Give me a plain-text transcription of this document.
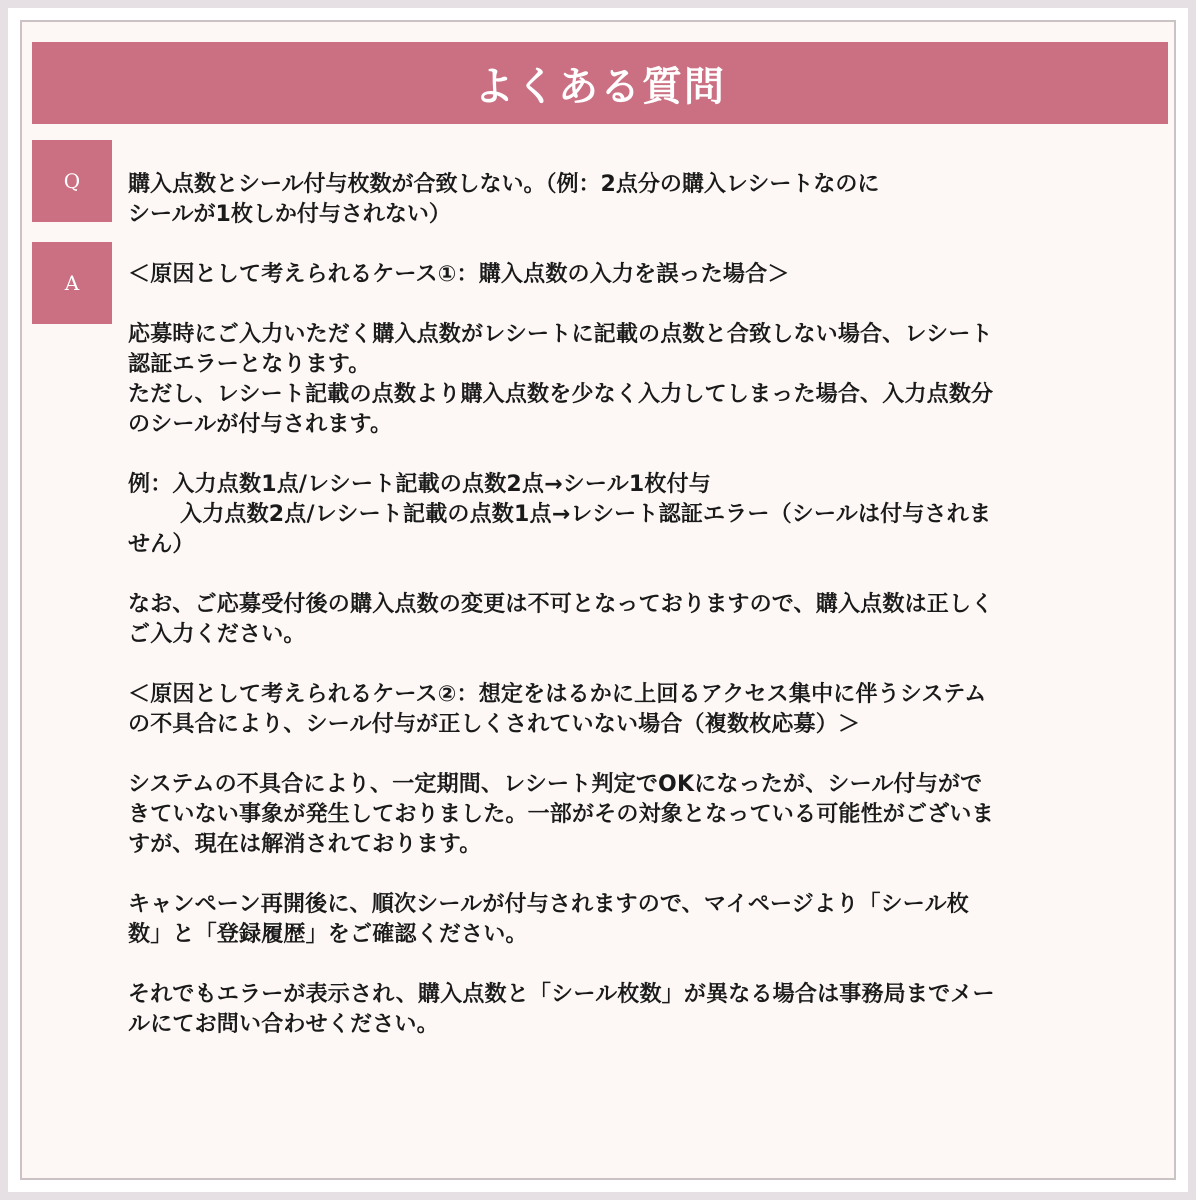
よくある質問
Q	購入点数とシール付与枚数が合致しない。（例：2点分の購入レシートなのに
シールが1枚しか付与されない）
A	＜原因として考えられるケース①：購入点数の入力を誤った場合＞
応募時にご入力いただく購入点数がレシートに記載の点数と合致しない場合、レシート
認証エラーとなります。
ただし、レシート記載の点数より購入点数を少なく入力してしまった場合、入力点数分
のシールが付与されます。
例：入力点数1点/レシート記載の点数2点→シール1枚付与
入力点数2点/レシート記載の点数1点→レシート認証エラー（シールは付与されま
せん）
なお、ご応募受付後の購入点数の変更は不可となっておりますので、購入点数は正しく
ご入力ください。
＜原因として考えられるケース②：想定をはるかに上回るアクセス集中に伴うシステム
の不具合により、シール付与が正しくされていない場合（複数枚応募）＞
システムの不具合により、一定期間、レシート判定でOKになったが、シール付与がで
きていない事象が発生しておりました。一部がその対象となっている可能性がございま
すが、現在は解消されております。
キャンペーン再開後に、順次シールが付与されますので、マイページより「シール枚
数」と「登録履歴」をご確認ください。
それでもエラーが表示され、購入点数と「シール枚数」が異なる場合は事務局までメー
ルにてお問い合わせください。
